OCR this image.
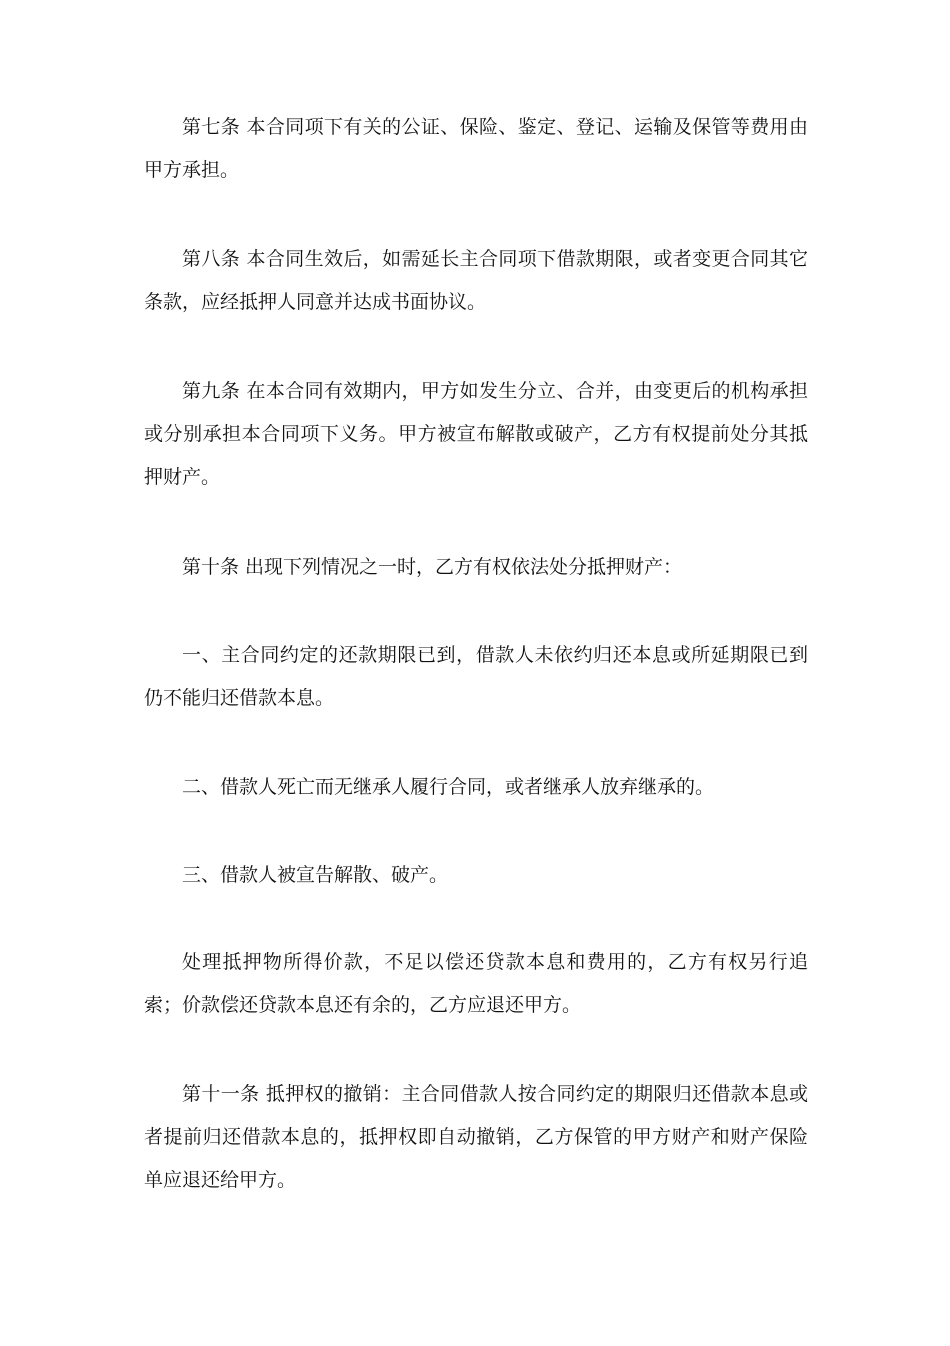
第七条 本合同项下有关的公证、保险、鉴定、登记、运输及保管等费用由甲方承担。

第八条 本合同生效后，如需延长主合同项下借款期限，或者变更合同其它条款，应经抵押人同意并达成书面协议。

第九条 在本合同有效期内，甲方如发生分立、合并，由变更后的机构承担或分别承担本合同项下义务。甲方被宣布解散或破产，乙方有权提前处分其抵押财产。

第十条 出现下列情况之一时，乙方有权依法处分抵押财产：

一、主合同约定的还款期限已到，借款人未依约归还本息或所延期限已到仍不能归还借款本息。

二、借款人死亡而无继承人履行合同，或者继承人放弃继承的。

三、借款人被宣告解散、破产。

处理抵押物所得价款，不足以偿还贷款本息和费用的，乙方有权另行追索；价款偿还贷款本息还有余的，乙方应退还甲方。

第十一条 抵押权的撤销：主合同借款人按合同约定的期限归还借款本息或者提前归还借款本息的，抵押权即自动撤销，乙方保管的甲方财产和财产保险单应退还给甲方。
